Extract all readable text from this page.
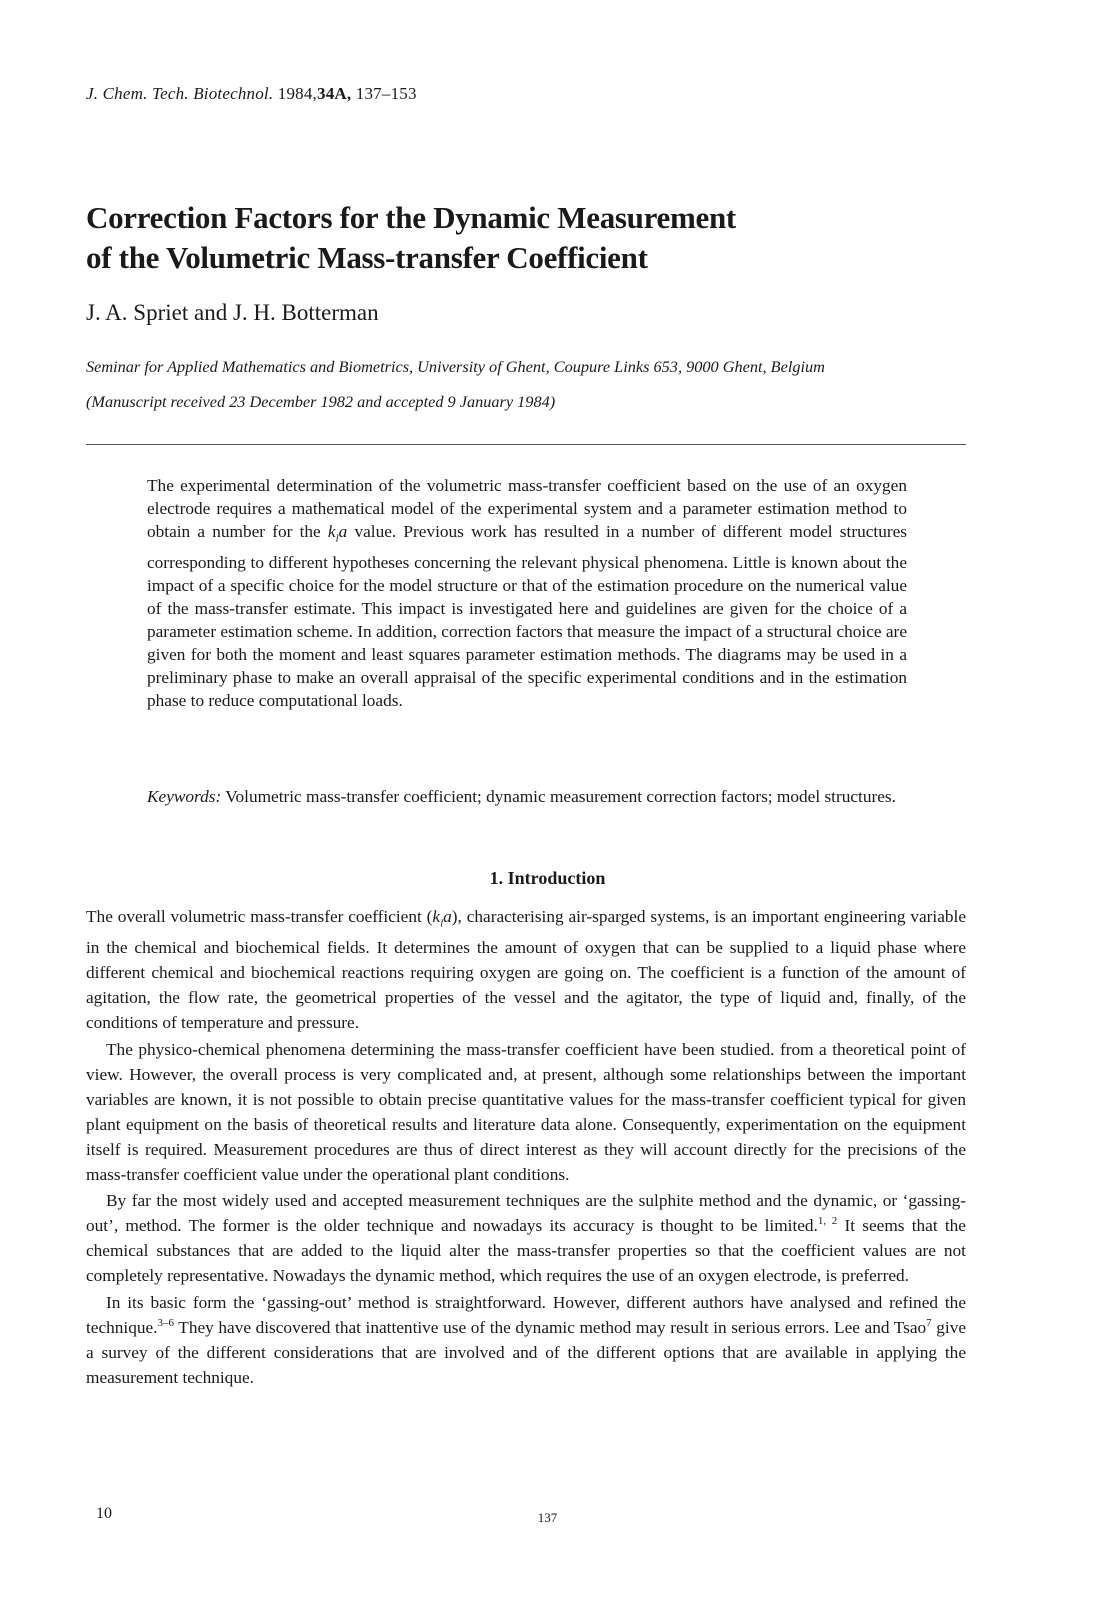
J. Chem. Tech. Biotechnol. 1984,34A, 137–153
Correction Factors for the Dynamic Measurement
of the Volumetric Mass-transfer Coefficient
J. A. Spriet and J. H. Botterman
Seminar for Applied Mathematics and Biometrics, University of Ghent, Coupure Links 653, 9000 Ghent, Belgium
(Manuscript received 23 December 1982 and accepted 9 January 1984)

The experimental determination of the volumetric mass-transfer coefficient based on the use of an oxygen electrode requires a mathematical model of the experimental system and a parameter estimation method to obtain a number for the $k_la$ value. Previous work has resulted in a number of different model structures corresponding to different hypotheses concerning the relevant physical phenomena. Little is known about the impact of a specific choice for the model structure or that of the estimation procedure on the numerical value of the mass-transfer estimate. This impact is investigated here and guidelines are given for the choice of a parameter estimation scheme. In addition, correction factors that measure the impact of a structural choice are given for both the moment and least squares parameter estimation methods. The diagrams may be used in a preliminary phase to make an overall appraisal of the specific experimental conditions and in the estimation phase to reduce computational loads.

Keywords: Volumetric mass-transfer coefficient; dynamic measurement correction factors; model structures.
1. Introduction

The overall volumetric mass-transfer coefficient $(k_la)$, characterising air-sparged systems, is an important engineering variable in the chemical and biochemical fields. It determines the amount of oxygen that can be supplied to a liquid phase where different chemical and biochemical reactions requiring oxygen are going on. The coefficient is a function of the amount of agitation, the flow rate, the geometrical properties of the vessel and the agitator, the type of liquid and, finally, of the conditions of temperature and pressure.

The physico-chemical phenomena determining the mass-transfer coefficient have been studied. from a theoretical point of view. However, the overall process is very complicated and, at present, although some relationships between the important variables are known, it is not possible to obtain precise quantitative values for the mass-transfer coefficient typical for given plant equipment on the basis of theoretical results and literature data alone. Consequently, experimentation on the equipment itself is required. Measurement procedures are thus of direct interest as they will account directly for the precisions of the mass-transfer coefficient value under the operational plant conditions.

By far the most widely used and accepted measurement techniques are the sulphite method and the dynamic, or ‘gassing-out’, method. The former is the older technique and nowadays its accuracy is thought to be limited.$^{1, 2}$ It seems that the chemical substances that are added to the liquid alter the mass-transfer properties so that the coefficient values are not completely representative. Nowadays the dynamic method, which requires the use of an oxygen electrode, is preferred.

In its basic form the ‘gassing-out’ method is straightforward. However, different authors have analysed and refined the technique.$^{3-6}$ They have discovered that inattentive use of the dynamic method may result in serious errors. Lee and Tsao$^7$ give a survey of the different considerations that are involved and of the different options that are available in applying the measurement technique.

10	137
